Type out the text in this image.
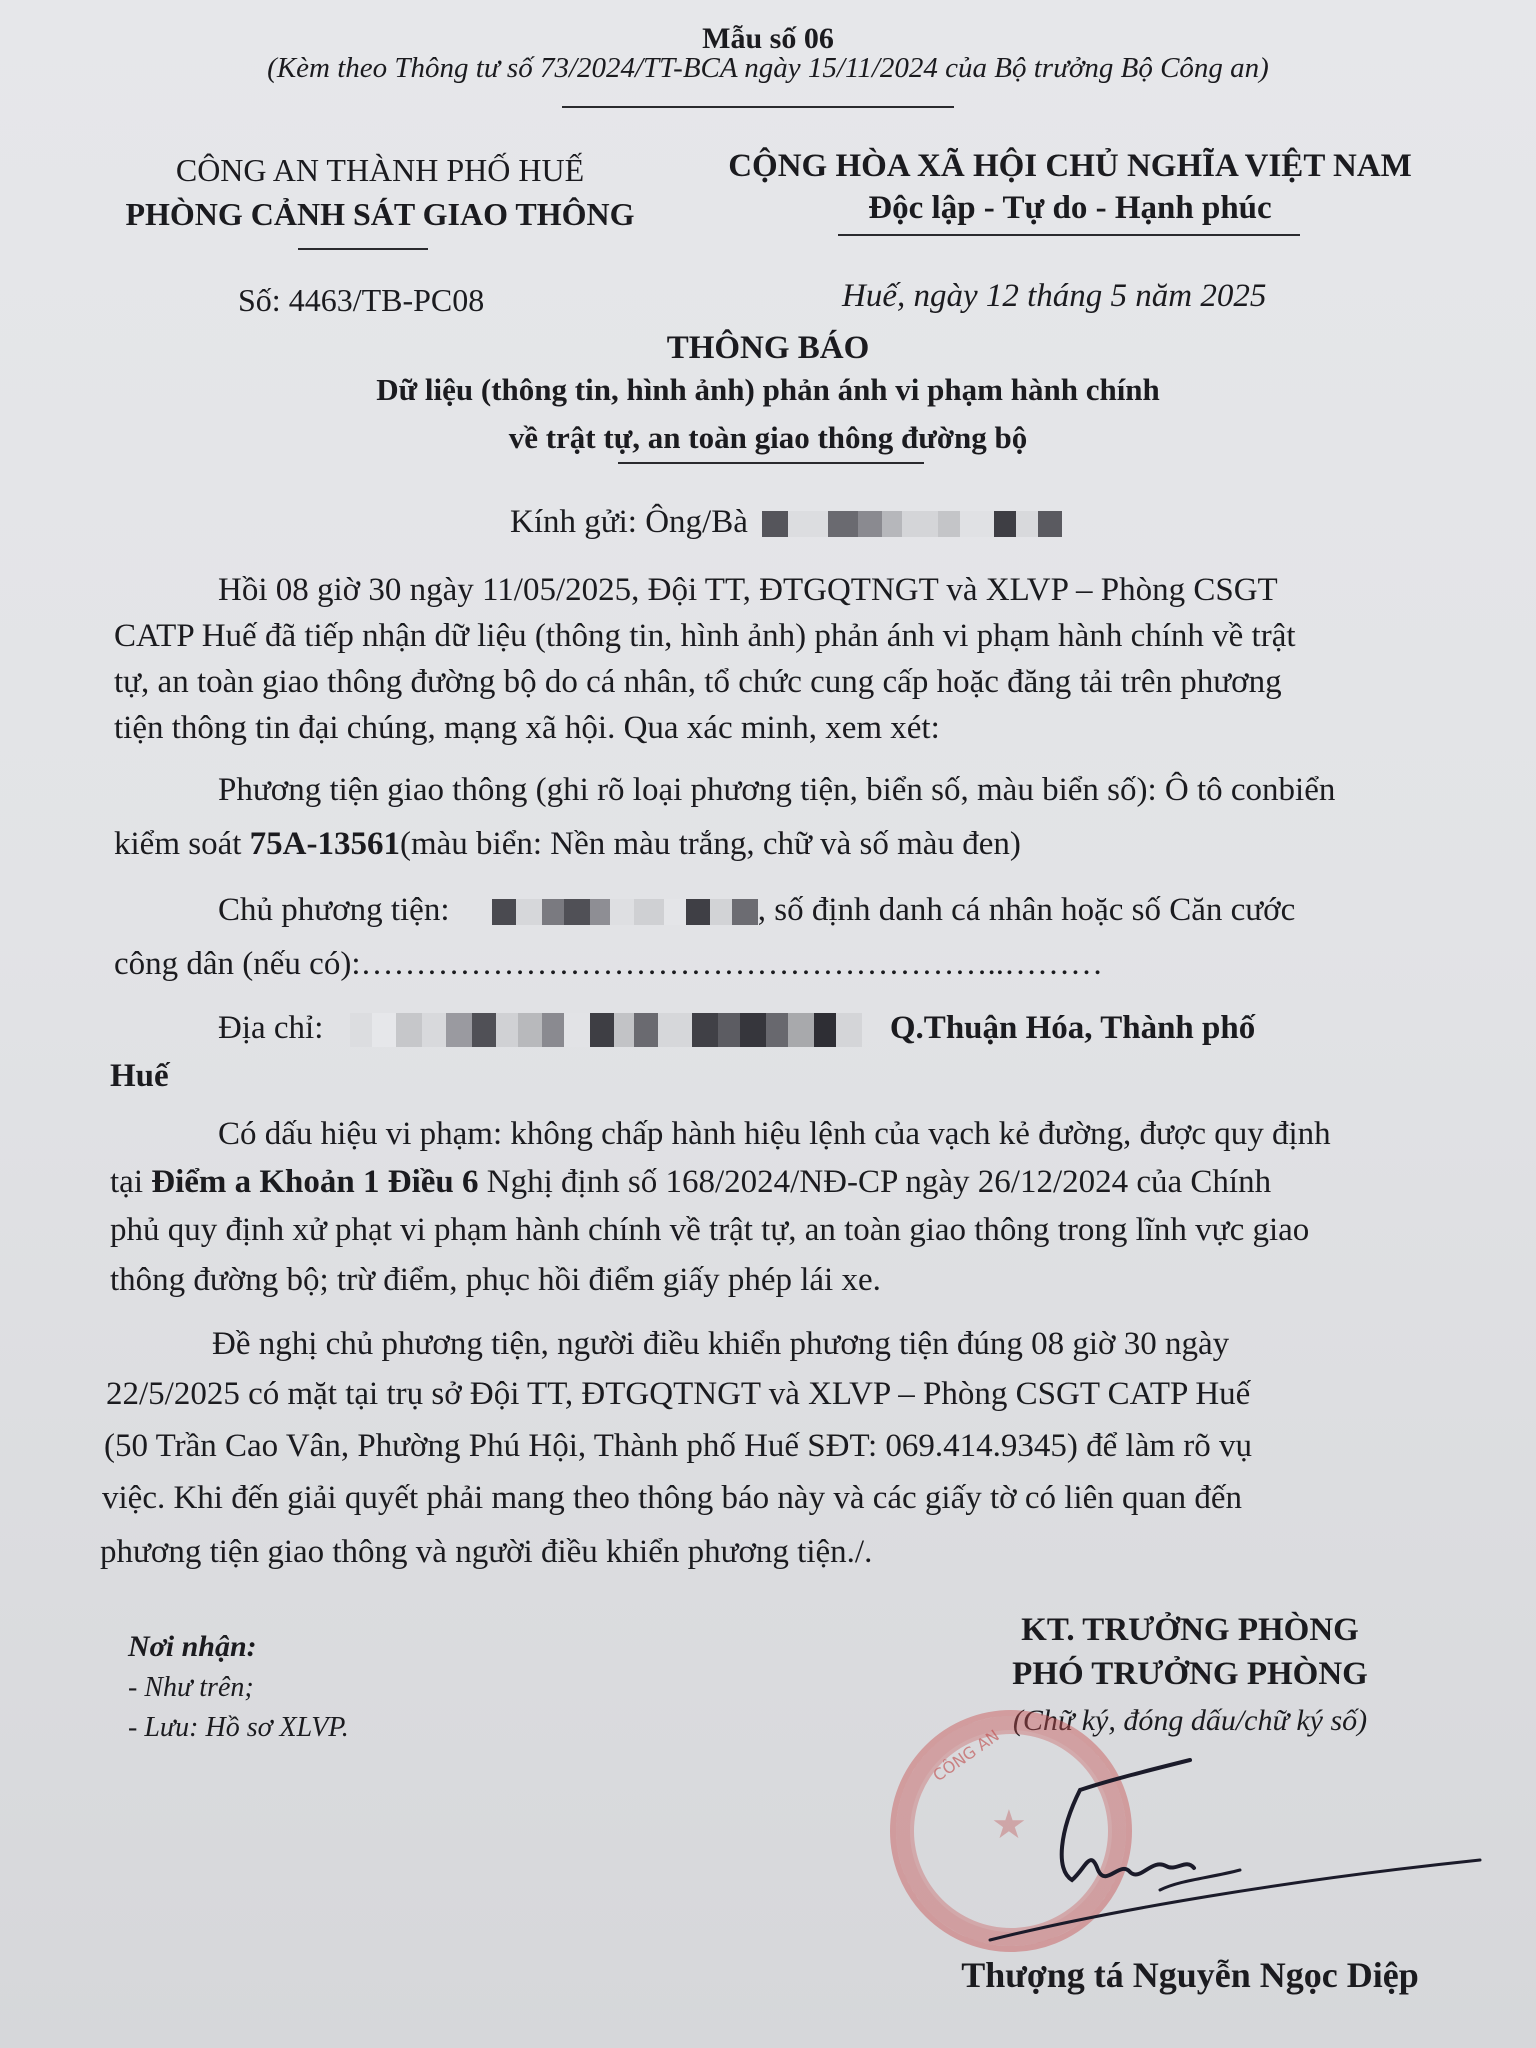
Mẫu số 06
(Kèm theo Thông tư số 73/2024/TT-BCA ngày 15/11/2024 của Bộ trưởng Bộ Công an)
CÔNG AN THÀNH PHỐ HUẾ
PHÒNG CẢNH SÁT GIAO THÔNG
Số: 4463/TB-PC08
CỘNG HÒA XÃ HỘI CHỦ NGHĨA VIỆT NAM
Độc lập - Tự do - Hạnh phúc
Huế, ngày 12 tháng 5 năm 2025
THÔNG BÁO
Dữ liệu (thông tin, hình ảnh) phản ánh vi phạm hành chính
về trật tự, an toàn giao thông đường bộ
Kính gửi: Ông/Bà
Hồi 08 giờ 30 ngày 11/05/2025, Đội TT, ĐTGQTNGT và XLVP – Phòng CSGT
CATP Huế đã tiếp nhận dữ liệu (thông tin, hình ảnh) phản ánh vi phạm hành chính về trật
tự, an toàn giao thông đường bộ do cá nhân, tổ chức cung cấp hoặc đăng tải trên phương
tiện thông tin đại chúng, mạng xã hội. Qua xác minh, xem xét:
Phương tiện giao thông (ghi rõ loại phương tiện, biển số, màu biển số): Ô tô conbiển
kiểm soát 75A-13561(màu biển: Nền màu trắng, chữ và số màu đen)
Chủ phương tiện:	, số định danh cá nhân hoặc số Căn cước
công dân (nếu có):…………………………………………………..………
Địa chỉ:	Q.Thuận Hóa, Thành phố
Huế
Có dấu hiệu vi phạm: không chấp hành hiệu lệnh của vạch kẻ đường, được quy định
tại Điểm a Khoản 1 Điều 6 Nghị định số 168/2024/NĐ-CP ngày 26/12/2024 của Chính
phủ quy định xử phạt vi phạm hành chính về trật tự, an toàn giao thông trong lĩnh vực giao
thông đường bộ; trừ điểm, phục hồi điểm giấy phép lái xe.
Đề nghị chủ phương tiện, người điều khiển phương tiện đúng 08 giờ 30 ngày
22/5/2025 có mặt tại trụ sở Đội TT, ĐTGQTNGT và XLVP – Phòng CSGT CATP Huế
(50 Trần Cao Vân, Phường Phú Hội, Thành phố Huế SĐT: 069.414.9345) để làm rõ vụ
việc. Khi đến giải quyết phải mang theo thông báo này và các giấy tờ có liên quan đến
phương tiện giao thông và người điều khiển phương tiện./.
Nơi nhận:
- Như trên;
- Lưu: Hồ sơ XLVP.
KT. TRƯỞNG PHÒNG
PHÓ TRƯỞNG PHÒNG
(Chữ ký, đóng dấu/chữ ký số)
CÔNG AN
★
Thượng tá Nguyễn Ngọc Diệp
